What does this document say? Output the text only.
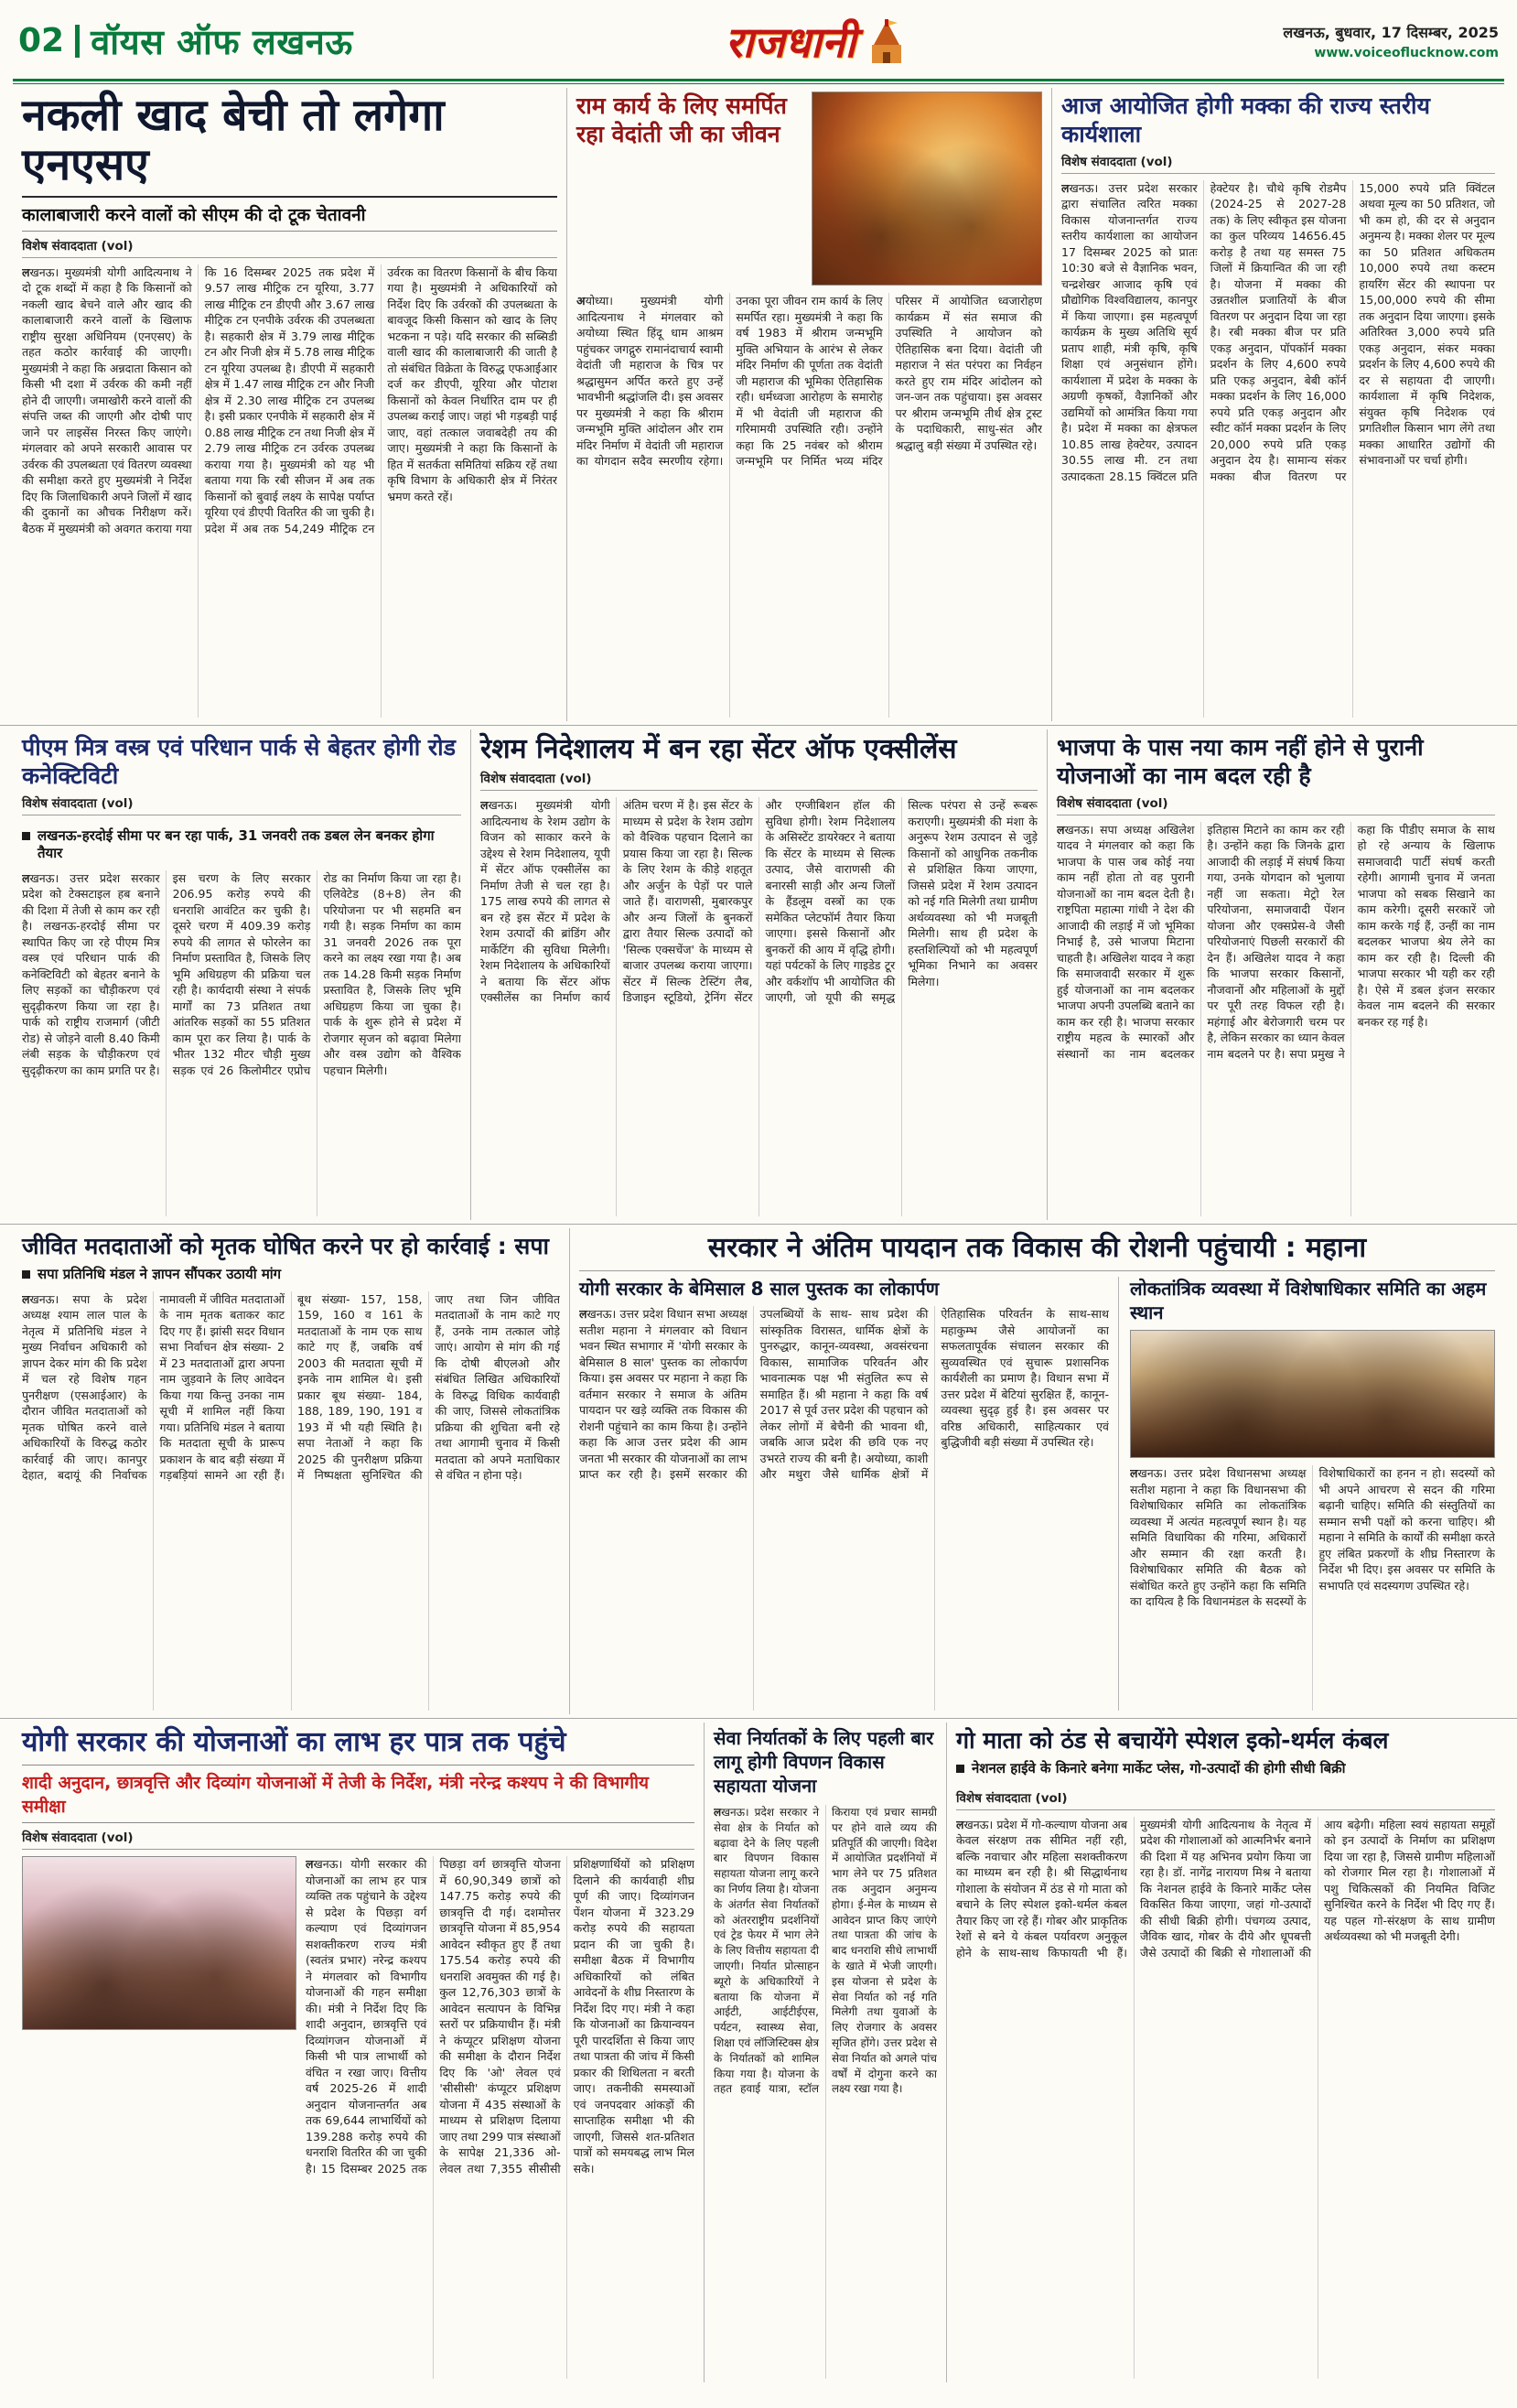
02 वॉयस ऑफ लखनऊ	राजधानी	लखनऊ, बुधवार, 17 दिसम्बर, 2025
www.voiceoflucknow.com
नकली खाद बेची तो लगेगा एनएसए
कालाबाजारी करने वालों को सीएम की दो टूक चेतावनी
विशेष संवाददाता (vol)
लखनऊ। मुख्यमंत्री योगी आदित्यनाथ ने दो टूक शब्दों में कहा है कि किसानों को नकली खाद बेचने वाले और खाद की कालाबाजारी करने वालों के खिलाफ राष्ट्रीय सुरक्षा अधिनियम (एनएसए) के तहत कठोर कार्रवाई की जाएगी। मुख्यमंत्री ने कहा कि अन्नदाता किसान को किसी भी दशा में उर्वरक की कमी नहीं होने दी जाएगी। जमाखोरी करने वालों की संपत्ति जब्त की जाएगी और दोषी पाए जाने पर लाइसेंस निरस्त किए जाएंगे। मंगलवार को अपने सरकारी आवास पर उर्वरक की उपलब्धता एवं वितरण व्यवस्था की समीक्षा करते हुए मुख्यमंत्री ने निर्देश दिए कि जिलाधिकारी अपने जिलों में खाद की दुकानों का औचक निरीक्षण करें। बैठक में मुख्यमंत्री को अवगत कराया गया कि 16 दिसम्बर 2025 तक प्रदेश में 9.57 लाख मीट्रिक टन यूरिया, 3.77 लाख मीट्रिक टन डीएपी और 3.67 लाख मीट्रिक टन एनपीके उर्वरक की उपलब्धता है। सहकारी क्षेत्र में 3.79 लाख मीट्रिक टन और निजी क्षेत्र में 5.78 लाख मीट्रिक टन यूरिया उपलब्ध है। डीएपी में सहकारी क्षेत्र में 1.47 लाख मीट्रिक टन और निजी क्षेत्र में 2.30 लाख मीट्रिक टन उपलब्ध है। इसी प्रकार एनपीके में सहकारी क्षेत्र में 0.88 लाख मीट्रिक टन तथा निजी क्षेत्र में 2.79 लाख मीट्रिक टन उर्वरक उपलब्ध कराया गया है। मुख्यमंत्री को यह भी बताया गया कि रबी सीजन में अब तक किसानों को बुवाई लक्ष्य के सापेक्ष पर्याप्त यूरिया एवं डीएपी वितरित की जा चुकी है। प्रदेश में अब तक 54,249 मीट्रिक टन उर्वरक का वितरण किसानों के बीच किया गया है। मुख्यमंत्री ने अधिकारियों को निर्देश दिए कि उर्वरकों की उपलब्धता के बावजूद किसी किसान को खाद के लिए भटकना न पड़े। यदि सरकार की सब्सिडी वाली खाद की कालाबाजारी की जाती है तो संबंधित विक्रेता के विरुद्ध एफआईआर दर्ज कर डीएपी, यूरिया और पोटाश किसानों को केवल निर्धारित दाम पर ही उपलब्ध कराई जाए। जहां भी गड़बड़ी पाई जाए, वहां तत्काल जवाबदेही तय की जाए। मुख्यमंत्री ने कहा कि किसानों के हित में सतर्कता समितियां सक्रिय रहें तथा कृषि विभाग के अधिकारी क्षेत्र में निरंतर भ्रमण करते रहें।
राम कार्य के लिए समर्पित रहा वेदांती जी का जीवन
अयोध्या। मुख्यमंत्री योगी आदित्यनाथ ने मंगलवार को अयोध्या स्थित हिंदू धाम आश्रम पहुंचकर जगद्गुरु रामानंदाचार्य स्वामी वेदांती जी महाराज के चित्र पर श्रद्धासुमन अर्पित करते हुए उन्हें भावभीनी श्रद्धांजलि दी। इस अवसर पर मुख्यमंत्री ने कहा कि श्रीराम जन्मभूमि मुक्ति आंदोलन और राम मंदिर निर्माण में वेदांती जी महाराज का योगदान सदैव स्मरणीय रहेगा। उनका पूरा जीवन राम कार्य के लिए समर्पित रहा। मुख्यमंत्री ने कहा कि वर्ष 1983 में श्रीराम जन्मभूमि मुक्ति अभियान के आरंभ से लेकर मंदिर निर्माण की पूर्णता तक वेदांती जी महाराज की भूमिका ऐतिहासिक रही। धर्मध्वजा आरोहण के समारोह में भी वेदांती जी महाराज की गरिमामयी उपस्थिति रही। उन्होंने कहा कि 25 नवंबर को श्रीराम जन्मभूमि पर निर्मित भव्य मंदिर परिसर में आयोजित ध्वजारोहण कार्यक्रम में संत समाज की उपस्थिति ने आयोजन को ऐतिहासिक बना दिया। वेदांती जी महाराज ने संत परंपरा का निर्वहन करते हुए राम मंदिर आंदोलन को जन-जन तक पहुंचाया। इस अवसर पर श्रीराम जन्मभूमि तीर्थ क्षेत्र ट्रस्ट के पदाधिकारी, साधु-संत और श्रद्धालु बड़ी संख्या में उपस्थित रहे।
आज आयोजित होगी मक्का की राज्य स्तरीय कार्यशाला
विशेष संवाददाता (vol)
लखनऊ। उत्तर प्रदेश सरकार द्वारा संचालित त्वरित मक्का विकास योजनान्तर्गत राज्य स्तरीय कार्यशाला का आयोजन 17 दिसम्बर 2025 को प्रातः 10:30 बजे से वैज्ञानिक भवन, चन्द्रशेखर आजाद कृषि एवं प्रौद्योगिक विश्वविद्यालय, कानपुर में किया जाएगा। इस महत्वपूर्ण कार्यक्रम के मुख्य अतिथि सूर्य प्रताप शाही, मंत्री कृषि, कृषि शिक्षा एवं अनुसंधान होंगे। कार्यशाला में प्रदेश के मक्का के अग्रणी कृषकों, वैज्ञानिकों और उद्यमियों को आमंत्रित किया गया है। प्रदेश में मक्का का क्षेत्रफल 10.85 लाख हेक्टेयर, उत्पादन 30.55 लाख मी. टन तथा उत्पादकता 28.15 क्विंटल प्रति हेक्टेयर है। चौथे कृषि रोडमैप (2024-25 से 2027-28 तक) के लिए स्वीकृत इस योजना का कुल परिव्यय 14656.45 करोड़ है तथा यह समस्त 75 जिलों में क्रियान्वित की जा रही है। योजना में मक्का की उन्नतशील प्रजातियों के बीज वितरण पर अनुदान दिया जा रहा है। रबी मक्का बीज पर प्रति एकड़ अनुदान, पॉपकॉर्न मक्का प्रदर्शन के लिए 4,600 रुपये प्रति एकड़ अनुदान, बेबी कॉर्न मक्का प्रदर्शन के लिए 16,000 रुपये प्रति एकड़ अनुदान और स्वीट कॉर्न मक्का प्रदर्शन के लिए 20,000 रुपये प्रति एकड़ अनुदान देय है। सामान्य संकर मक्का बीज वितरण पर 15,000 रुपये प्रति क्विंटल अथवा मूल्य का 50 प्रतिशत, जो भी कम हो, की दर से अनुदान अनुमन्य है। मक्का शेलर पर मूल्य का 50 प्रतिशत अधिकतम 10,000 रुपये तथा कस्टम हायरिंग सेंटर की स्थापना पर 15,00,000 रुपये की सीमा तक अनुदान दिया जाएगा। इसके अतिरिक्त 3,000 रुपये प्रति एकड़ अनुदान, संकर मक्का प्रदर्शन के लिए 4,600 रुपये की दर से सहायता दी जाएगी। कार्यशाला में कृषि निदेशक, संयुक्त कृषि निदेशक एवं प्रगतिशील किसान भाग लेंगे तथा मक्का आधारित उद्योगों की संभावनाओं पर चर्चा होगी।
पीएम मित्र वस्त्र एवं परिधान पार्क से बेहतर होगी रोड कनेक्टिविटी
विशेष संवाददाता (vol)
लखनऊ-हरदोई सीमा पर बन रहा पार्क, 31 जनवरी तक डबल लेन बनकर होगा तैयार
लखनऊ। उत्तर प्रदेश सरकार प्रदेश को टेक्सटाइल हब बनाने की दिशा में तेजी से काम कर रही है। लखनऊ-हरदोई सीमा पर स्थापित किए जा रहे पीएम मित्र वस्त्र एवं परिधान पार्क की कनेक्टिविटी को बेहतर बनाने के लिए सड़कों का चौड़ीकरण एवं सुदृढ़ीकरण किया जा रहा है। पार्क को राष्ट्रीय राजमार्ग (जीटी रोड) से जोड़ने वाली 8.40 किमी लंबी सड़क के चौड़ीकरण एवं सुदृढ़ीकरण का काम प्रगति पर है। इस चरण के लिए सरकार 206.95 करोड़ रुपये की धनराशि आवंटित कर चुकी है। दूसरे चरण में 409.39 करोड़ रुपये की लागत से फोरलेन का निर्माण प्रस्तावित है, जिसके लिए भूमि अधिग्रहण की प्रक्रिया चल रही है। कार्यदायी संस्था ने संपर्क मार्गों का 73 प्रतिशत तथा आंतरिक सड़कों का 55 प्रतिशत काम पूरा कर लिया है। पार्क के भीतर 132 मीटर चौड़ी मुख्य सड़क एवं 26 किलोमीटर एप्रोच रोड का निर्माण किया जा रहा है। एलिवेटेड (8+8) लेन की परियोजना पर भी सहमति बन गयी है। सड़क निर्माण का काम 31 जनवरी 2026 तक पूरा करने का लक्ष्य रखा गया है। अब तक 14.28 किमी सड़क निर्माण प्रस्तावित है, जिसके लिए भूमि अधिग्रहण किया जा चुका है। पार्क के शुरू होने से प्रदेश में रोजगार सृजन को बढ़ावा मिलेगा और वस्त्र उद्योग को वैश्विक पहचान मिलेगी।
रेशम निदेशालय में बन रहा सेंटर ऑफ एक्सीलेंस
विशेष संवाददाता (vol)
लखनऊ। मुख्यमंत्री योगी आदित्यनाथ के रेशम उद्योग के विजन को साकार करने के उद्देश्य से रेशम निदेशालय, यूपी में सेंटर ऑफ एक्सीलेंस का निर्माण तेजी से चल रहा है। 175 लाख रुपये की लागत से बन रहे इस सेंटर में प्रदेश के रेशम उत्पादों की ब्रांडिंग और मार्केटिंग की सुविधा मिलेगी। रेशम निदेशालय के अधिकारियों ने बताया कि सेंटर ऑफ एक्सीलेंस का निर्माण कार्य अंतिम चरण में है। इस सेंटर के माध्यम से प्रदेश के रेशम उद्योग को वैश्विक पहचान दिलाने का प्रयास किया जा रहा है। सिल्क के लिए रेशम के कीड़े शहतूत और अर्जुन के पेड़ों पर पाले जाते हैं। वाराणसी, मुबारकपुर और अन्य जिलों के बुनकरों द्वारा तैयार सिल्क उत्पादों को 'सिल्क एक्सचेंज' के माध्यम से बाजार उपलब्ध कराया जाएगा। सेंटर में सिल्क टेस्टिंग लैब, डिजाइन स्टूडियो, ट्रेनिंग सेंटर और एग्जीबिशन हॉल की सुविधा होगी। रेशम निदेशालय के असिस्टेंट डायरेक्टर ने बताया कि सेंटर के माध्यम से सिल्क उत्पाद, जैसे वाराणसी की बनारसी साड़ी और अन्य जिलों के हैंडलूम वस्त्रों का एक समेकित प्लेटफॉर्म तैयार किया जाएगा। इससे किसानों और बुनकरों की आय में वृद्धि होगी। यहां पर्यटकों के लिए गाइडेड टूर और वर्कशॉप भी आयोजित की जाएगी, जो यूपी की समृद्ध सिल्क परंपरा से उन्हें रूबरू कराएगी। मुख्यमंत्री की मंशा के अनुरूप रेशम उत्पादन से जुड़े किसानों को आधुनिक तकनीक से प्रशिक्षित किया जाएगा, जिससे प्रदेश में रेशम उत्पादन को नई गति मिलेगी तथा ग्रामीण अर्थव्यवस्था को भी मजबूती मिलेगी। साथ ही प्रदेश के हस्तशिल्पियों को भी महत्वपूर्ण भूमिका निभाने का अवसर मिलेगा।
भाजपा के पास नया काम नहीं होने से पुरानी योजनाओं का नाम बदल रही है
विशेष संवाददाता (vol)
लखनऊ। सपा अध्यक्ष अखिलेश यादव ने मंगलवार को कहा कि भाजपा के पास जब कोई नया काम नहीं होता तो वह पुरानी योजनाओं का नाम बदल देती है। राष्ट्रपिता महात्मा गांधी ने देश की आजादी की लड़ाई में जो भूमिका निभाई है, उसे भाजपा मिटाना चाहती है। अखिलेश यादव ने कहा कि समाजवादी सरकार में शुरू हुई योजनाओं का नाम बदलकर भाजपा अपनी उपलब्धि बताने का काम कर रही है। भाजपा सरकार राष्ट्रीय महत्व के स्मारकों और संस्थानों का नाम बदलकर इतिहास मिटाने का काम कर रही है। उन्होंने कहा कि जिनके द्वारा आजादी की लड़ाई में संघर्ष किया गया, उनके योगदान को भुलाया नहीं जा सकता। मेट्रो रेल परियोजना, समाजवादी पेंशन योजना और एक्सप्रेस-वे जैसी परियोजनाएं पिछली सरकारों की देन हैं। अखिलेश यादव ने कहा कि भाजपा सरकार किसानों, नौजवानों और महिलाओं के मुद्दों पर पूरी तरह विफल रही है। महंगाई और बेरोजगारी चरम पर है, लेकिन सरकार का ध्यान केवल नाम बदलने पर है। सपा प्रमुख ने कहा कि पीडीए समाज के साथ हो रहे अन्याय के खिलाफ समाजवादी पार्टी संघर्ष करती रहेगी। आगामी चुनाव में जनता भाजपा को सबक सिखाने का काम करेगी। दूसरी सरकारें जो काम करके गई हैं, उन्हीं का नाम बदलकर भाजपा श्रेय लेने का काम कर रही है। दिल्ली की भाजपा सरकार भी यही कर रही है। ऐसे में डबल इंजन सरकार केवल नाम बदलने की सरकार बनकर रह गई है।
जीवित मतदाताओं को मृतक घोषित करने पर हो कार्रवाई : सपा
सपा प्रतिनिधि मंडल ने ज्ञापन सौंपकर उठायी मांग
लखनऊ। सपा के प्रदेश अध्यक्ष श्याम लाल पाल के नेतृत्व में प्रतिनिधि मंडल ने मुख्य निर्वाचन अधिकारी को ज्ञापन देकर मांग की कि प्रदेश में चल रहे विशेष गहन पुनरीक्षण (एसआईआर) के दौरान जीवित मतदाताओं को मृतक घोषित करने वाले अधिकारियों के विरुद्ध कठोर कार्रवाई की जाए। कानपुर देहात, बदायूं की निर्वाचक नामावली में जीवित मतदाताओं के नाम मृतक बताकर काट दिए गए हैं। झांसी सदर विधान सभा निर्वाचन क्षेत्र संख्या- 2 में 23 मतदाताओं द्वारा अपना नाम जुड़वाने के लिए आवेदन किया गया किन्तु उनका नाम सूची में शामिल नहीं किया गया। प्रतिनिधि मंडल ने बताया कि मतदाता सूची के प्रारूप प्रकाशन के बाद बड़ी संख्या में गड़बड़ियां सामने आ रही हैं। बूथ संख्या- 157, 158, 159, 160 व 161 के मतदाताओं के नाम एक साथ काटे गए हैं, जबकि वर्ष 2003 की मतदाता सूची में इनके नाम शामिल थे। इसी प्रकार बूथ संख्या- 184, 188, 189, 190, 191 व 193 में भी यही स्थिति है। सपा नेताओं ने कहा कि 2025 की पुनरीक्षण प्रक्रिया में निष्पक्षता सुनिश्चित की जाए तथा जिन जीवित मतदाताओं के नाम काटे गए हैं, उनके नाम तत्काल जोड़े जाएं। आयोग से मांग की गई कि दोषी बीएलओ और संबंधित लिखित अधिकारियों के विरुद्ध विधिक कार्यवाही की जाए, जिससे लोकतांत्रिक प्रक्रिया की शुचिता बनी रहे तथा आगामी चुनाव में किसी मतदाता को अपने मताधिकार से वंचित न होना पड़े।
सरकार ने अंतिम पायदान तक विकास की रोशनी पहुंचायी : महाना
योगी सरकार के बेमिसाल 8 साल पुस्तक का लोकार्पण
लखनऊ। उत्तर प्रदेश विधान सभा अध्यक्ष सतीश महाना ने मंगलवार को विधान भवन स्थित सभागार में 'योगी सरकार के बेमिसाल 8 साल' पुस्तक का लोकार्पण किया। इस अवसर पर महाना ने कहा कि वर्तमान सरकार ने समाज के अंतिम पायदान पर खड़े व्यक्ति तक विकास की रोशनी पहुंचाने का काम किया है। उन्होंने कहा कि आज उत्तर प्रदेश की आम जनता भी सरकार की योजनाओं का लाभ प्राप्त कर रही है। इसमें सरकार की उपलब्धियों के साथ- साथ प्रदेश की सांस्कृतिक विरासत, धार्मिक क्षेत्रों के पुनरुद्धार, कानून-व्यवस्था, अवसंरचना विकास, सामाजिक परिवर्तन और भावनात्मक पक्ष भी संतुलित रूप से समाहित हैं। श्री महाना ने कहा कि वर्ष 2017 से पूर्व उत्तर प्रदेश की पहचान को लेकर लोगों में बेचैनी की भावना थी, जबकि आज प्रदेश की छवि एक नए उभरते राज्य की बनी है। अयोध्या, काशी और मथुरा जैसे धार्मिक क्षेत्रों में ऐतिहासिक परिवर्तन के साथ-साथ महाकुम्भ जैसे आयोजनों का सफलतापूर्वक संचालन सरकार की सुव्यवस्थित एवं सुचारू प्रशासनिक कार्यशैली का प्रमाण है। विधान सभा में उत्तर प्रदेश में बेटियां सुरक्षित हैं, कानून-व्यवस्था सुदृढ़ हुई है। इस अवसर पर वरिष्ठ अधिकारी, साहित्यकार एवं बुद्धिजीवी बड़ी संख्या में उपस्थित रहे।
लोकतांत्रिक व्यवस्था में विशेषाधिकार समिति का अहम स्थान
लखनऊ। उत्तर प्रदेश विधानसभा अध्यक्ष सतीश महाना ने कहा कि विधानसभा की विशेषाधिकार समिति का लोकतांत्रिक व्यवस्था में अत्यंत महत्वपूर्ण स्थान है। यह समिति विधायिका की गरिमा, अधिकारों और सम्मान की रक्षा करती है। विशेषाधिकार समिति की बैठक को संबोधित करते हुए उन्होंने कहा कि समिति का दायित्व है कि विधानमंडल के सदस्यों के विशेषाधिकारों का हनन न हो। सदस्यों को भी अपने आचरण से सदन की गरिमा बढ़ानी चाहिए। समिति की संस्तुतियों का सम्मान सभी पक्षों को करना चाहिए। श्री महाना ने समिति के कार्यों की समीक्षा करते हुए लंबित प्रकरणों के शीघ्र निस्तारण के निर्देश भी दिए। इस अवसर पर समिति के सभापति एवं सदस्यगण उपस्थित रहे।
योगी सरकार की योजनाओं का लाभ हर पात्र तक पहुंचे
शादी अनुदान, छात्रवृत्ति और दिव्यांग योजनाओं में तेजी के निर्देश, मंत्री नरेन्द्र कश्यप ने की विभागीय समीक्षा
विशेष संवाददाता (vol)
लखनऊ। योगी सरकार की योजनाओं का लाभ हर पात्र व्यक्ति तक पहुंचाने के उद्देश्य से प्रदेश के पिछड़ा वर्ग कल्याण एवं दिव्यांगजन सशक्तीकरण राज्य मंत्री (स्वतंत्र प्रभार) नरेन्द्र कश्यप ने मंगलवार को विभागीय योजनाओं की गहन समीक्षा की। मंत्री ने निर्देश दिए कि शादी अनुदान, छात्रवृत्ति एवं दिव्यांगजन योजनाओं में किसी भी पात्र लाभार्थी को वंचित न रखा जाए। वित्तीय वर्ष 2025-26 में शादी अनुदान योजनान्तर्गत अब तक 69,644 लाभार्थियों को 139.288 करोड़ रुपये की धनराशि वितरित की जा चुकी है। 15 दिसम्बर 2025 तक पिछड़ा वर्ग छात्रवृत्ति योजना में 60,90,349 छात्रों को 147.75 करोड़ रुपये की छात्रवृत्ति दी गई। दशमोत्तर छात्रवृत्ति योजना में 85,954 आवेदन स्वीकृत हुए हैं तथा 175.54 करोड़ रुपये की धनराशि अवमुक्त की गई है। कुल 12,76,303 छात्रों के आवेदन सत्यापन के विभिन्न स्तरों पर प्रक्रियाधीन हैं। मंत्री ने कंप्यूटर प्रशिक्षण योजना की समीक्षा के दौरान निर्देश दिए कि 'ओ' लेवल एवं 'सीसीसी' कंप्यूटर प्रशिक्षण योजना में 435 संस्थाओं के माध्यम से प्रशिक्षण दिलाया जाए तथा 299 पात्र संस्थाओं के सापेक्ष 21,336 ओ-लेवल तथा 7,355 सीसीसी प्रशिक्षणार्थियों को प्रशिक्षण दिलाने की कार्यवाही शीघ्र पूर्ण की जाए। दिव्यांगजन पेंशन योजना में 323.29 करोड़ रुपये की सहायता प्रदान की जा चुकी है। समीक्षा बैठक में विभागीय अधिकारियों को लंबित आवेदनों के शीघ्र निस्तारण के निर्देश दिए गए। मंत्री ने कहा कि योजनाओं का क्रियान्वयन पूरी पारदर्शिता से किया जाए तथा पात्रता की जांच में किसी प्रकार की शिथिलता न बरती जाए। तकनीकी समस्याओं एवं जनपदवार आंकड़ों की साप्ताहिक समीक्षा भी की जाएगी, जिससे शत-प्रतिशत पात्रों को समयबद्ध लाभ मिल सके।
सेवा निर्यातकों के लिए पहली बार लागू होगी विपणन विकास सहायता योजना
लखनऊ। प्रदेश सरकार ने सेवा क्षेत्र के निर्यात को बढ़ावा देने के लिए पहली बार विपणन विकास सहायता योजना लागू करने का निर्णय लिया है। योजना के अंतर्गत सेवा निर्यातकों को अंतरराष्ट्रीय प्रदर्शनियों एवं ट्रेड फेयर में भाग लेने के लिए वित्तीय सहायता दी जाएगी। निर्यात प्रोत्साहन ब्यूरो के अधिकारियों ने बताया कि योजना में आईटी, आईटीईएस, पर्यटन, स्वास्थ्य सेवा, शिक्षा एवं लॉजिस्टिक्स क्षेत्र के निर्यातकों को शामिल किया गया है। योजना के तहत हवाई यात्रा, स्टॉल किराया एवं प्रचार सामग्री पर होने वाले व्यय की प्रतिपूर्ति की जाएगी। विदेश में आयोजित प्रदर्शनियों में भाग लेने पर 75 प्रतिशत तक अनुदान अनुमन्य होगा। ई-मेल के माध्यम से आवेदन प्राप्त किए जाएंगे तथा पात्रता की जांच के बाद धनराशि सीधे लाभार्थी के खाते में भेजी जाएगी। इस योजना से प्रदेश के सेवा निर्यात को नई गति मिलेगी तथा युवाओं के लिए रोजगार के अवसर सृजित होंगे। उत्तर प्रदेश से सेवा निर्यात को अगले पांच वर्षों में दोगुना करने का लक्ष्य रखा गया है।
गो माता को ठंड से बचायेंगे स्पेशल इको-थर्मल कंबल
नेशनल हाईवे के किनारे बनेगा मार्केट प्लेस, गो-उत्पादों की होगी सीधी बिक्री
विशेष संवाददाता (vol)
लखनऊ। प्रदेश में गो-कल्याण योजना अब केवल संरक्षण तक सीमित नहीं रही, बल्कि नवाचार और महिला सशक्तीकरण का माध्यम बन रही है। श्री सिद्धार्थनाथ गोशाला के संयोजन में ठंड से गो माता को बचाने के लिए स्पेशल इको-थर्मल कंबल तैयार किए जा रहे हैं। गोबर और प्राकृतिक रेशों से बने ये कंबल पर्यावरण अनुकूल होने के साथ-साथ किफायती भी हैं। मुख्यमंत्री योगी आदित्यनाथ के नेतृत्व में प्रदेश की गोशालाओं को आत्मनिर्भर बनाने की दिशा में यह अभिनव प्रयोग किया जा रहा है। डॉ. नागेंद्र नारायण मिश्र ने बताया कि नेशनल हाईवे के किनारे मार्केट प्लेस विकसित किया जाएगा, जहां गो-उत्पादों की सीधी बिक्री होगी। पंचगव्य उत्पाद, जैविक खाद, गोबर के दीये और धूपबत्ती जैसे उत्पादों की बिक्री से गोशालाओं की आय बढ़ेगी। महिला स्वयं सहायता समूहों को इन उत्पादों के निर्माण का प्रशिक्षण दिया जा रहा है, जिससे ग्रामीण महिलाओं को रोजगार मिल रहा है। गोशालाओं में पशु चिकित्सकों की नियमित विजिट सुनिश्चित करने के निर्देश भी दिए गए हैं। यह पहल गो-संरक्षण के साथ ग्रामीण अर्थव्यवस्था को भी मजबूती देगी।
